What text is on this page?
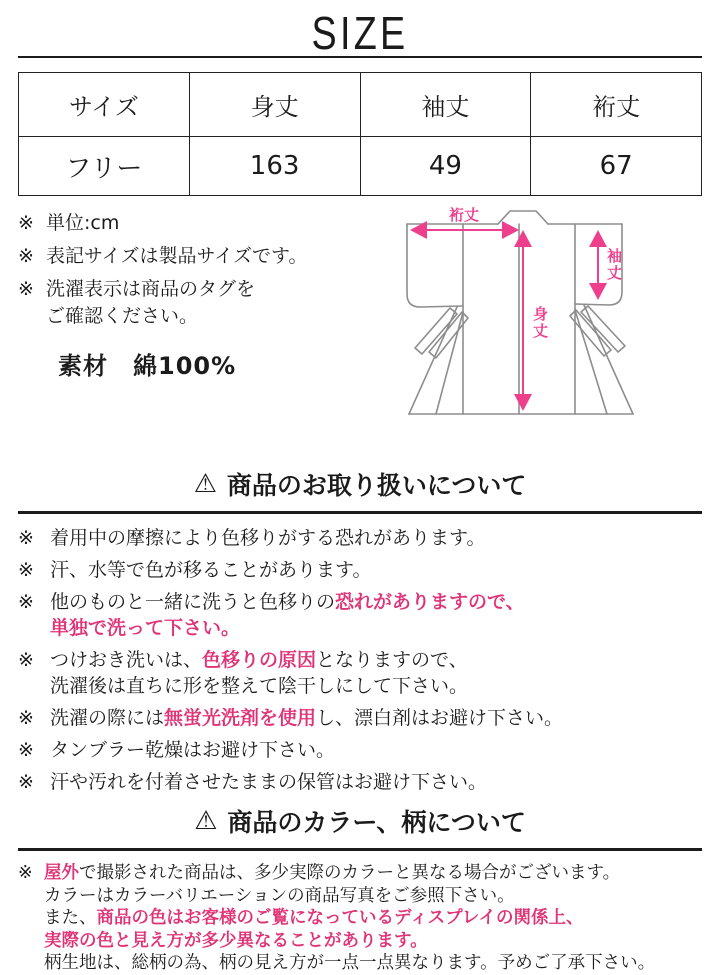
SIZE
サイズ	身丈	袖丈	裄丈
フリー	163	49	67
※ 単位:cm
※ 表記サイズは製品サイズです。
※ 洗濯表示は商品のタグを
ご確認ください。
素材　綿100%
裄丈
身丈
袖丈
⚠ 商品のお取り扱いについて
※ 着用中の摩擦により色移りがする恐れがあります。
※ 汗、水等で色が移ることがあります。
※ 他のものと一緒に洗うと色移りの恐れがありますので、
単独で洗って下さい。
※ つけおき洗いは、色移りの原因となりますので、
洗濯後は直ちに形を整えて陰干しにして下さい。
※ 洗濯の際には無蛍光洗剤を使用し、漂白剤はお避け下さい。
※ タンブラー乾燥はお避け下さい。
※ 汗や汚れを付着させたままの保管はお避け下さい。
⚠ 商品のカラー、柄について
※ 屋外で撮影された商品は、多少実際のカラーと異なる場合がございます。
カラーはカラーバリエーションの商品写真をご参照下さい。
また、商品の色はお客様のご覧になっているディスプレイの関係上、
実際の色と見え方が多少異なることがあります。
柄生地は、総柄の為、柄の見え方が一点一点異なります。予めご了承下さい。
